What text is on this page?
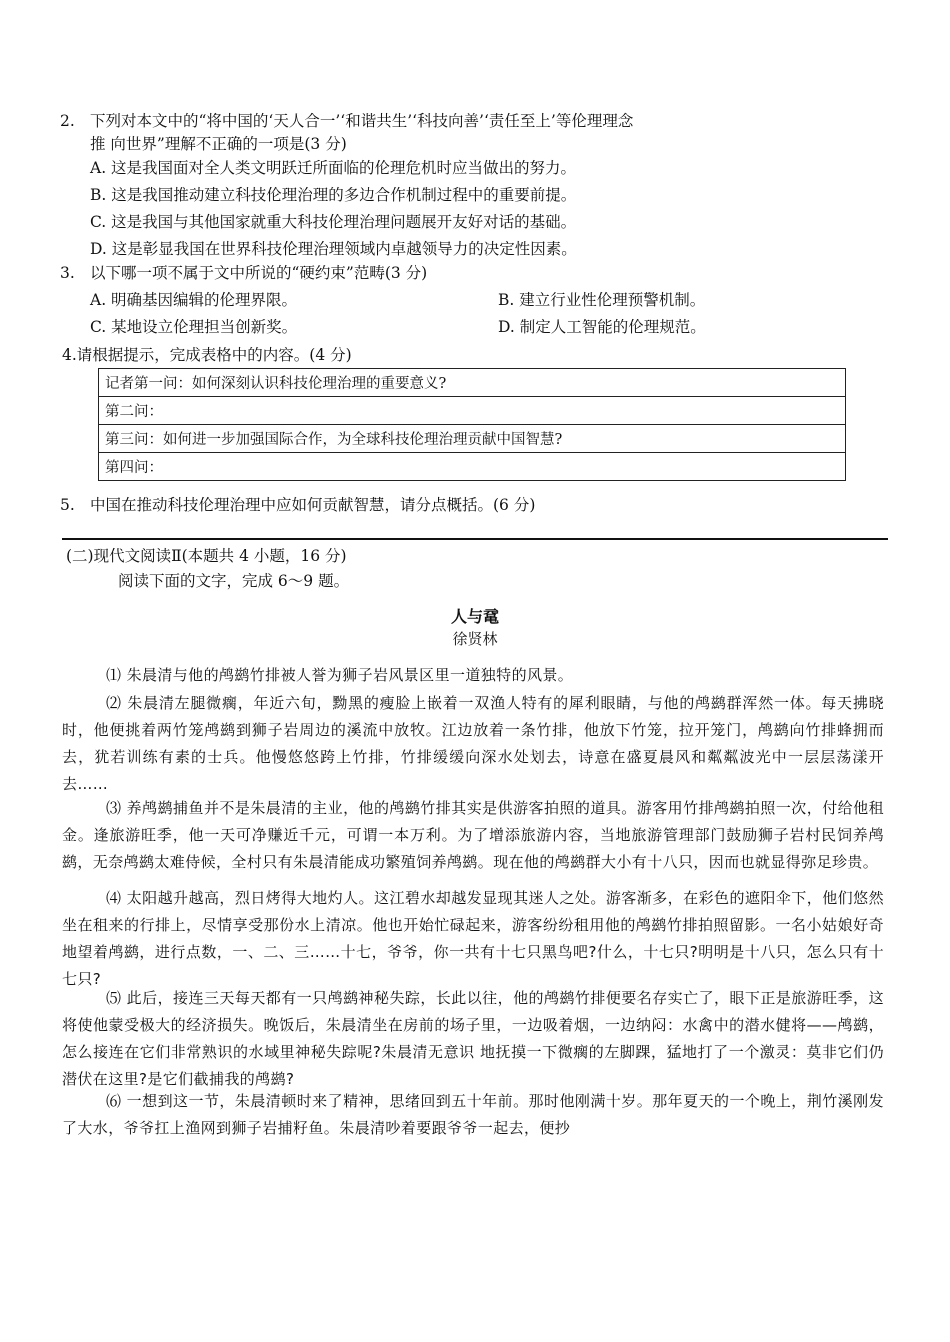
2. 下列对本文中的“将中国的‘天人合一’‘和谐共生’‘科技向善’‘责任至上’等伦理理念
推 向世界”理解不正确的一项是(3 分)
A. 这是我国面对全人类文明跃迁所面临的伦理危机时应当做出的努力。
B. 这是我国推动建立科技伦理治理的多边合作机制过程中的重要前提。
C. 这是我国与其他国家就重大科技伦理治理问题展开友好对话的基础。
D. 这是彰显我国在世界科技伦理治理领域内卓越领导力的决定性因素。
3. 以下哪一项不属于文中所说的“硬约束”范畴(3 分)
A. 明确基因编辑的伦理界限。	B. 建立行业性伦理预警机制。
C. 某地设立伦理担当创新奖。	D. 制定人工智能的伦理规范。
4.请根据提示，完成表格中的内容。(4 分)
记者第一问：如何深刻认识科技伦理治理的重要意义?
第二问：
第三问：如何进一步加强国际合作，为全球科技伦理治理贡献中国智慧?
第四问：
5. 中国在推动科技伦理治理中应如何贡献智慧，请分点概括。(6 分)
(二)现代文阅读Ⅱ(本题共 4 小题，16 分)
阅读下面的文字，完成 6～9 题。
人与鼋
徐贤林
⑴ 朱晨清与他的鸬鹚竹排被人誉为狮子岩风景区里一道独特的风景。
⑵ 朱晨清左腿微瘸，年近六旬，黝黑的瘦脸上嵌着一双渔人特有的犀利眼睛，与他的鸬鹚群浑然一体。每天拂晓时，他便挑着两竹笼鸬鹚到狮子岩周边的溪流中放牧。江边放着一条竹排，他放下竹笼，拉开笼门，鸬鹚向竹排蜂拥而去，犹若训练有素的士兵。他慢悠悠跨上竹排，竹排缓缓向深水处划去，诗意在盛夏晨风和粼粼波光中一层层荡漾开去……
⑶ 养鸬鹚捕鱼并不是朱晨清的主业，他的鸬鹚竹排其实是供游客拍照的道具。游客用竹排鸬鹚拍照一次，付给他租金。逢旅游旺季，他一天可净赚近千元，可谓一本万利。为了增添旅游内容，当地旅游管理部门鼓励狮子岩村民饲养鸬鹚，无奈鸬鹚太难侍候，全村只有朱晨清能成功繁殖饲养鸬鹚。现在他的鸬鹚群大小有十八只，因而也就显得弥足珍贵。
⑷ 太阳越升越高，烈日烤得大地灼人。这江碧水却越发显现其迷人之处。游客渐多，在彩色的遮阳伞下，他们悠然坐在租来的行排上，尽情享受那份水上清凉。他也开始忙碌起来，游客纷纷租用他的鸬鹚竹排拍照留影。一名小姑娘好奇地望着鸬鹚，进行点数，一、二、三……十七，爷爷，你一共有十七只黑鸟吧?什么，十七只?明明是十八只，怎么只有十七只?
⑸ 此后，接连三天每天都有一只鸬鹚神秘失踪，长此以往，他的鸬鹚竹排便要名存实亡了，眼下正是旅游旺季，这将使他蒙受极大的经济损失。晚饭后，朱晨清坐在房前的场子里，一边吸着烟，一边纳闷：水禽中的潜水健将——鸬鹚，怎么接连在它们非常熟识的水域里神秘失踪呢?朱晨清无意识 地抚摸一下微瘸的左脚踝，猛地打了一个激灵：莫非它们仍潜伏在这里?是它们截捕我的鸬鹚?
⑹ 一想到这一节，朱晨清顿时来了精神，思绪回到五十年前。那时他刚满十岁。那年夏天的一个晚上，荆竹溪刚发了大水，爷爷扛上渔网到狮子岩捕籽鱼。朱晨清吵着要跟爷爷一起去，便抄
